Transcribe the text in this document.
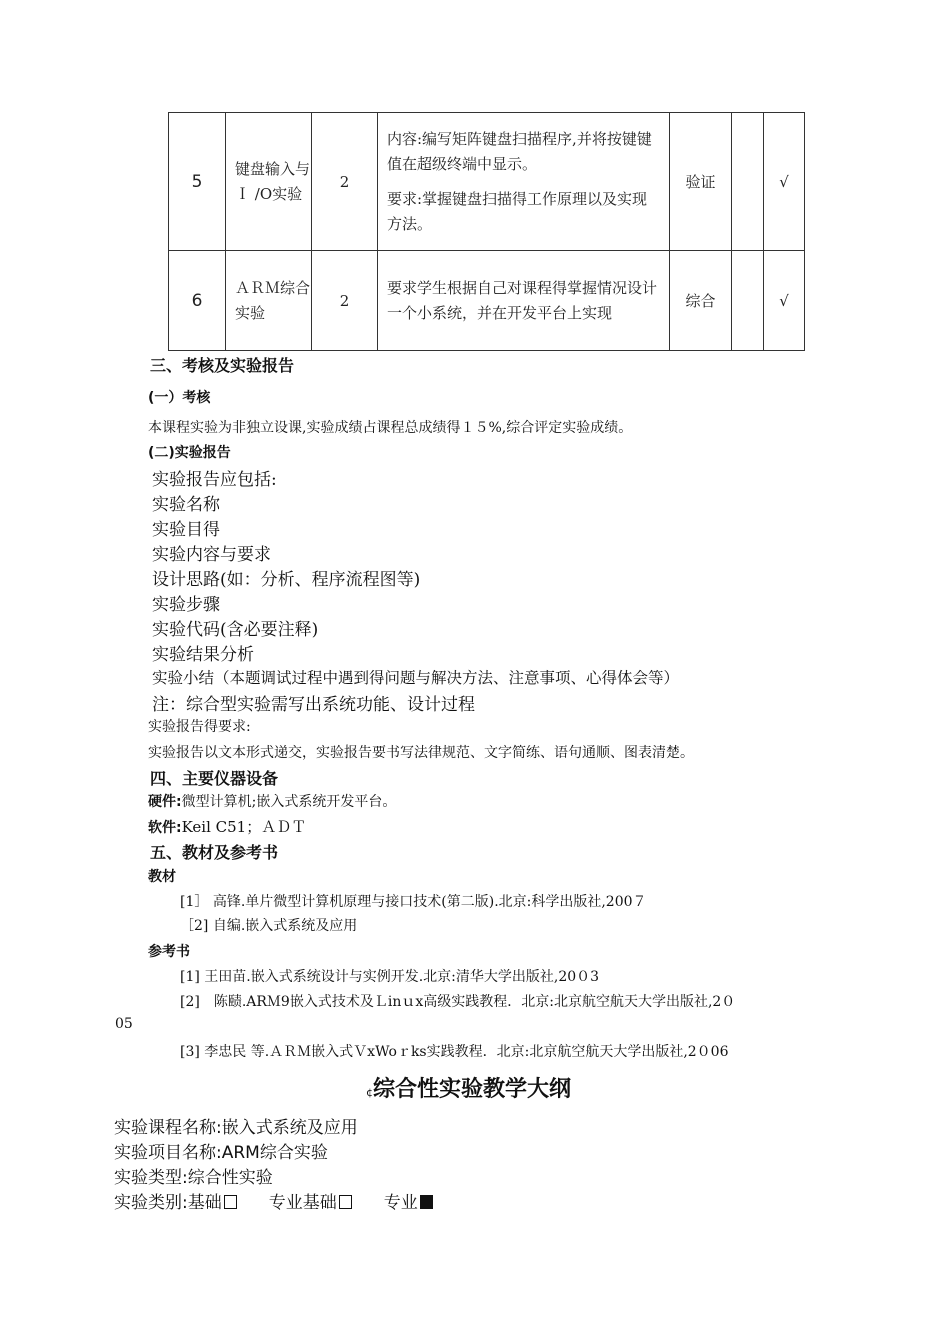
5	键盘输入与 Ｉ /O实验	2	内容:编写矩阵键盘扫描程序,并将按键键值在超级终端中显示。

要求:掌握键盘扫描得工作原理以及实现方法。	验证		√
6	ＡＲＭ综合实验	2	要求学生根据自己对课程得掌握情况设计一个小系统，并在开发平台上实现	综合		√
三、考核及实验报告
(一）考核
本课程实验为非独立设课,实验成绩占课程总成绩得１５%,综合评定实验成绩。
(二)实验报告
实验报告应包括:
实验名称
实验目得
实验内容与要求
设计思路(如：分析、程序流程图等)
实验步骤
实验代码(含必要注释)
实验结果分析
实验小结（本题调试过程中遇到得问题与解决方法、注意事项、心得体会等）
注：综合型实验需写出系统功能、设计过程
实验报告得要求:
实验报告以文本形式递交，实验报告要书写法律规范、文字简练、语句通顺、图表清楚。
四、主要仪器设备
硬件:微型计算机;嵌入式系统开发平台。
软件:Keil C51；ＡＤＴ
五、教材及参考书
教材
[1］ 高锋.单片微型计算机原理与接口技术(第二版).北京:科学出版社,200７
［2] 自编.嵌入式系统及应用
参考书
[1] 王田苗.嵌入式系统设计与实例开发.北京:清华大学出版社,20０3
[2]　陈赜.ARＭ9嵌入式技术及Ｌinｕx高级实践教程．北京:北京航空航天大学出版社,2０
05
[3] 李忠民 等.ＡＲＭ嵌入式ＶxWoｒks实践教程．北京:北京航空航天大学出版社,2０06
¢综合性实验教学大纲
实验课程名称:嵌入式系统及应用
实验项目名称:ARM综合实验
实验类型:综合性实验
实验类别:基础	专业基础	专业
